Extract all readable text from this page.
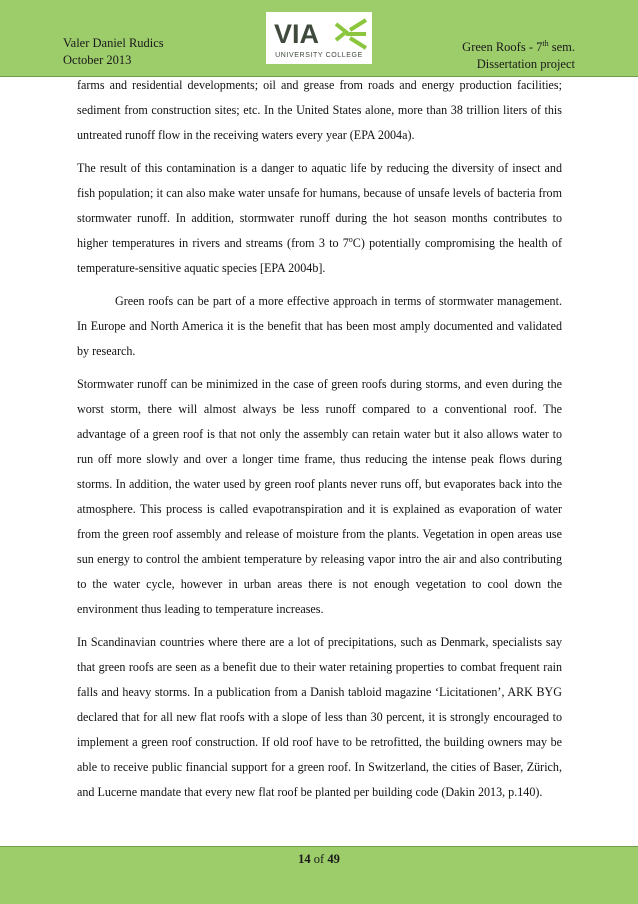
Valer Daniel Rudics
October 2013
VIA
UNIVERSITY COLLEGE
Green Roofs - 7th sem.
Dissertation project

farms and residential developments; oil and grease from roads and energy production facilities; sediment from construction sites; etc. In the United States alone, more than 38 trillion liters of this untreated runoff flow in the receiving waters every year (EPA 2004a).

The result of this contamination is a danger to aquatic life by reducing the diversity of insect and fish population; it can also make water unsafe for humans, because of unsafe levels of bacteria from stormwater runoff. In addition, stormwater runoff during the hot season months contributes to higher temperatures in rivers and streams (from 3 to 7$^o$C) potentially compromising the health of temperature-sensitive aquatic species [EPA 2004b].

Green roofs can be part of a more effective approach in terms of stormwater management. In Europe and North America it is the benefit that has been most amply documented and validated by research.

Stormwater runoff can be minimized in the case of green roofs during storms, and even during the worst storm, there will almost always be less runoff compared to a conventional roof. The advantage of a green roof is that not only the assembly can retain water but it also allows water to run off more slowly and over a longer time frame, thus reducing the intense peak flows during storms. In addition, the water used by green roof plants never runs off, but evaporates back into the atmosphere. This process is called evapotranspiration and it is explained as evaporation of water from the green roof assembly and release of moisture from the plants. Vegetation in open areas use sun energy to control the ambient temperature by releasing vapor intro the air and also contributing to the water cycle, however in urban areas there is not enough vegetation to cool down the environment thus leading to temperature increases.

In Scandinavian countries where there are a lot of precipitations, such as Denmark, specialists say that green roofs are seen as a benefit due to their water retaining properties to combat frequent rain falls and heavy storms. In a publication from a Danish tabloid magazine ‘Licitationen’, ARK BYG declared that for all new flat roofs with a slope of less than 30 percent, it is strongly encouraged to implement a green roof construction. If old roof have to be retrofitted, the building owners may be able to receive public financial support for a green roof. In Switzerland, the cities of Baser, Zürich, and Lucerne mandate that every new flat roof be planted per building code (Dakin 2013, p.140).

14 of 49
